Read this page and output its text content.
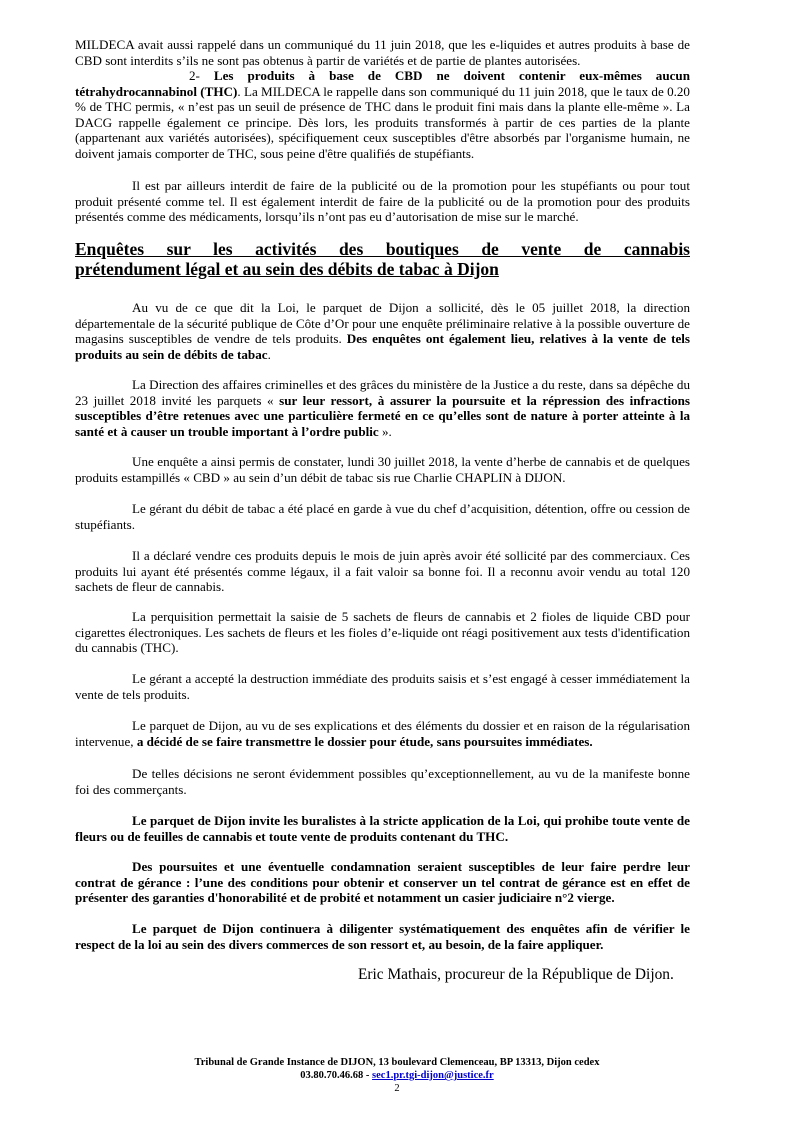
MILDECA avait aussi rappelé dans un communiqué du 11 juin 2018, que les e-liquides et autres produits à base de CBD sont interdits s’ils ne sont pas obtenus à partir de variétés et de partie de plantes autorisées.

2- Les produits à base de CBD ne doivent contenir eux-mêmes aucun tétrahydrocannabinol (THC). La MILDECA le rappelle dans son communiqué du 11 juin 2018, que le taux de 0.20 % de THC permis, « n’est pas un seuil de présence de THC dans le produit fini mais dans la plante elle-même ». La DACG rappelle également ce principe. Dès lors, les produits transformés à partir de ces parties de la plante (appartenant aux variétés autorisées), spécifiquement ceux susceptibles d'être absorbés par l'organisme humain, ne doivent jamais comporter de THC, sous peine d'être qualifiés de stupéfiants.

Il est par ailleurs interdit de faire de la publicité ou de la promotion pour les stupéfiants ou pour tout produit présenté comme tel. Il est également interdit de faire de la publicité ou de la promotion pour des produits présentés comme des médicaments, lorsqu’ils n’ont pas eu d’autorisation de mise sur le marché.

Enquêtes sur les activités des boutiques de vente de cannabis
prétendument légal et au sein des débits de tabac à Dijon

Au vu de ce que dit la Loi, le parquet de Dijon a sollicité, dès le 05 juillet 2018, la direction départementale de la sécurité publique de Côte d’Or pour une enquête préliminaire relative à la possible ouverture de magasins susceptibles de vendre de tels produits. Des enquêtes ont également lieu, relatives à la vente de tels produits au sein de débits de tabac.

La Direction des affaires criminelles et des grâces du ministère de la Justice a du reste, dans sa dépêche du 23 juillet 2018 invité les parquets « sur leur ressort, à assurer la poursuite et la répression des infractions susceptibles d’être retenues avec une particulière fermeté en ce qu’elles sont de nature à porter atteinte à la santé et à causer un trouble important à l’ordre public ».

Une enquête a ainsi permis de constater, lundi 30 juillet 2018, la vente d’herbe de cannabis et de quelques produits estampillés « CBD » au sein d’un débit de tabac sis rue Charlie CHAPLIN à DIJON.

Le gérant du débit de tabac a été placé en garde à vue du chef d’acquisition, détention, offre ou cession de stupéfiants.

Il a déclaré vendre ces produits depuis le mois de juin après avoir été sollicité par des commerciaux. Ces produits lui ayant été présentés comme légaux, il a fait valoir sa bonne foi. Il a reconnu avoir vendu au total 120 sachets de fleur de cannabis.

La perquisition permettait la saisie de 5 sachets de fleurs de cannabis et 2 fioles de liquide CBD pour cigarettes électroniques. Les sachets de fleurs et les fioles d’e-liquide ont réagi positivement aux tests d'identification du cannabis (THC).

Le gérant a accepté la destruction immédiate des produits saisis et s’est engagé à cesser immédiatement la vente de tels produits.

Le parquet de Dijon, au vu de ses explications et des éléments du dossier et en raison de la régularisation intervenue, a décidé de se faire transmettre le dossier pour étude, sans poursuites immédiates.

De telles décisions ne seront évidemment possibles qu’exceptionnellement, au vu de la manifeste bonne foi des commerçants.

Le parquet de Dijon invite les buralistes à la stricte application de la Loi, qui prohibe toute vente de fleurs ou de feuilles de cannabis et toute vente de produits contenant du THC.

Des poursuites et une éventuelle condamnation seraient susceptibles de leur faire perdre leur contrat de gérance : l’une des conditions pour obtenir et conserver un tel contrat de gérance est en effet de présenter des garanties d'honorabilité et de probité et notamment un casier judiciaire n°2 vierge.

Le parquet de Dijon continuera à diligenter systématiquement des enquêtes afin de vérifier le respect de la loi au sein des divers commerces de son ressort et, au besoin, de la faire appliquer.

Eric Mathais, procureur de la République de Dijon.

Tribunal de Grande Instance de DIJON, 13 boulevard Clemenceau, BP 13313, Dijon cedex
03.80.70.46.68 - sec1.pr.tgi-dijon@justice.fr
2
